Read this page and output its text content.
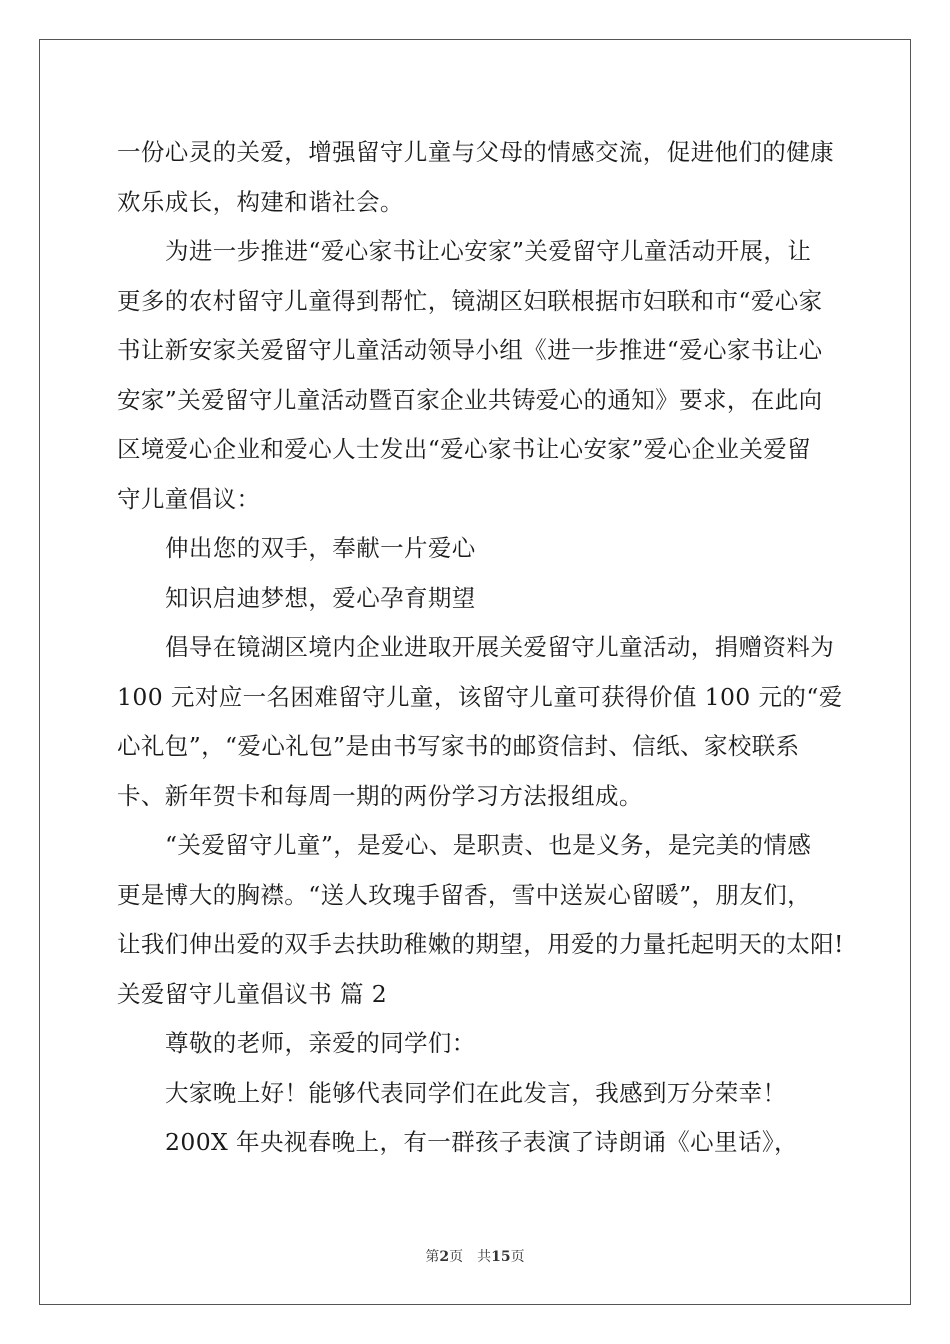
一份心灵的关爱，增强留守儿童与父母的情感交流，促进他们的健康
欢乐成长，构建和谐社会。
为进一步推进“爱心家书让心安家”关爱留守儿童活动开展，让
更多的农村留守儿童得到帮忙，镜湖区妇联根据市妇联和市“爱心家
书让新安家关爱留守儿童活动领导小组《进一步推进“爱心家书让心
安家”关爱留守儿童活动暨百家企业共铸爱心的通知》要求，在此向
区境爱心企业和爱心人士发出“爱心家书让心安家”爱心企业关爱留
守儿童倡议：
伸出您的双手，奉献一片爱心
知识启迪梦想，爱心孕育期望
倡导在镜湖区境内企业进取开展关爱留守儿童活动，捐赠资料为
100 元对应一名困难留守儿童，该留守儿童可获得价值 100 元的“爱
心礼包”，“爱心礼包”是由书写家书的邮资信封、信纸、家校联系
卡、新年贺卡和每周一期的两份学习方法报组成。
“关爱留守儿童”，是爱心、是职责、也是义务，是完美的情感
更是博大的胸襟。“送人玫瑰手留香，雪中送炭心留暖”，朋友们，
让我们伸出爱的双手去扶助稚嫩的期望，用爱的力量托起明天的太阳!
关爱留守儿童倡议书 篇 2
尊敬的老师，亲爱的同学们：
大家晚上好！能够代表同学们在此发言，我感到万分荣幸！
200X 年央视春晚上，有一群孩子表演了诗朗诵《心里话》，
第2页 共15页
